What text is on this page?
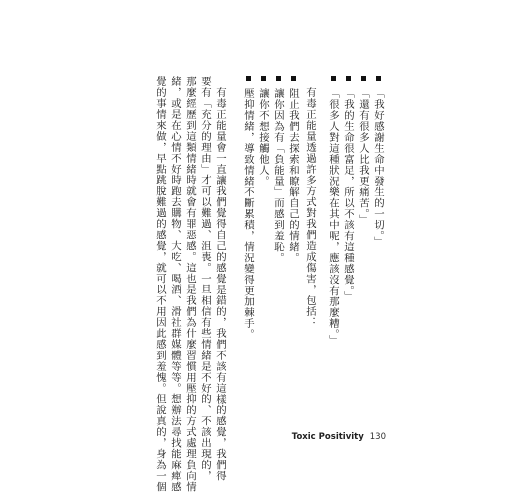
「我好感謝生命中發生的一切。」
「還有很多人比我更痛苦。」
「我的生命很富足，所以不該有這種感覺。」
「很多人對這種狀況樂在其中呢，應該沒有那麼糟。」
有毒正能量透過許多方式對我們造成傷害，包括：
阻止我們去探索和瞭解自己的情緒。
讓你因為有「負能量」而感到羞恥。
讓你不想接觸他人。
壓抑情緒，導致情緒不斷累積，情況變得更加棘手。
有毒正能量會一直讓我們覺得自己的感覺是錯的，我們不該有這樣的感覺，我們得
要有「充分的理由」才可以難過、沮喪。一旦相信有些情緒是不好的、不該出現的，
那麼經歷到這類情緒時就會有罪惡感。這也是我們為什麼習慣用壓抑的方式處理負向情
緒，或是在心情不好時跑去購物、大吃、喝酒、滑社群媒體等等。想辦法尋找能麻痺感
覺的事情來做，早點跳脫難過的感覺，就可以不用因此感到羞愧。但說真的，身為一個	Toxic Positivity 130
